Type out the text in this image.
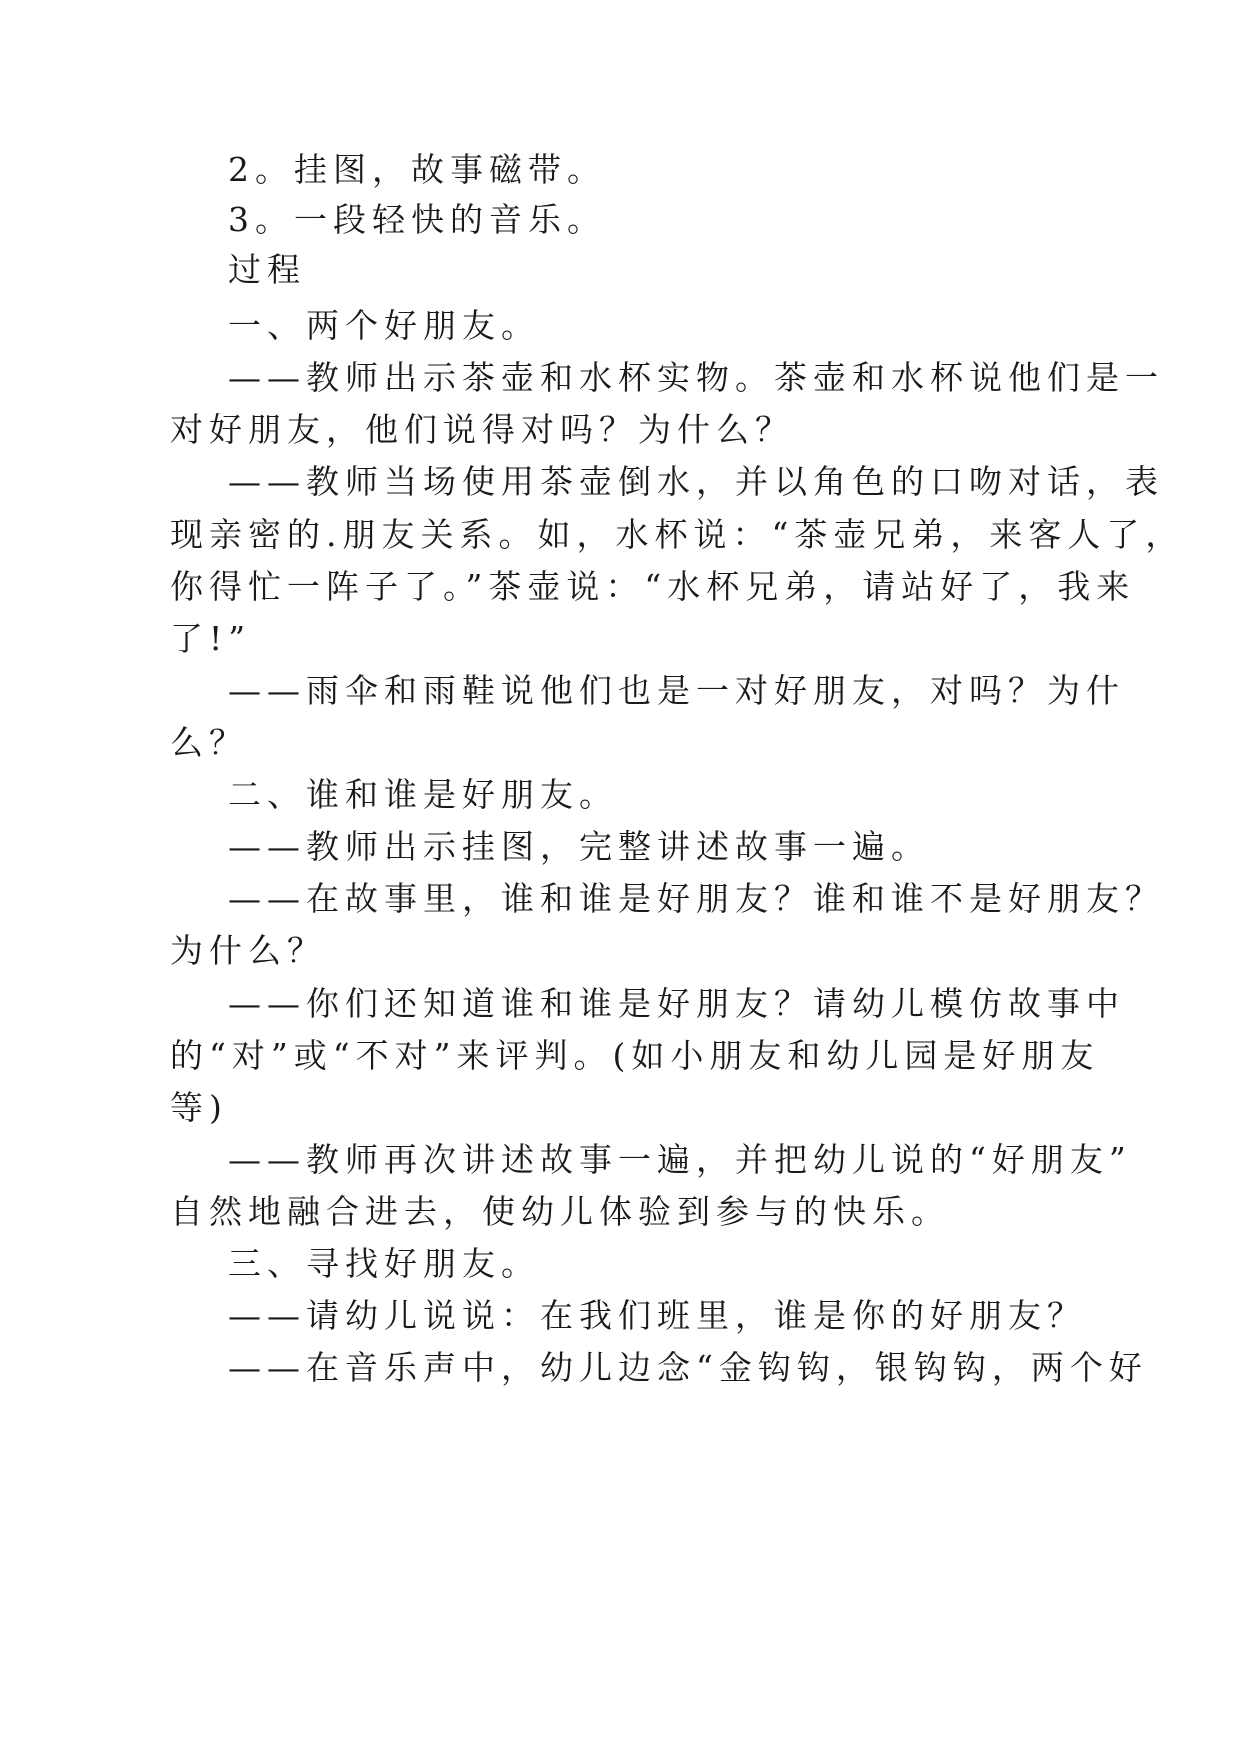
2。挂图，故事磁带。
3。一段轻快的音乐。
过程
一、两个好朋友。
——教师出示茶壶和水杯实物。茶壶和水杯说他们是一
对好朋友，他们说得对吗？为什么？
——教师当场使用茶壶倒水，并以角色的口吻对话，表
现亲密的.朋友关系。如，水杯说：“茶壶兄弟，来客人了，
你得忙一阵子了。”茶壶说：“水杯兄弟，请站好了，我来
了!”
——雨伞和雨鞋说他们也是一对好朋友，对吗？为什
么？
二、谁和谁是好朋友。
——教师出示挂图，完整讲述故事一遍。
——在故事里，谁和谁是好朋友？谁和谁不是好朋友？
为什么？
——你们还知道谁和谁是好朋友？请幼儿模仿故事中
的“对”或“不对”来评判。(如小朋友和幼儿园是好朋友
等)
——教师再次讲述故事一遍，并把幼儿说的“好朋友”
自然地融合进去，使幼儿体验到参与的快乐。
三、寻找好朋友。
——请幼儿说说：在我们班里，谁是你的好朋友？
——在音乐声中，幼儿边念“金钩钩，银钩钩，两个好
